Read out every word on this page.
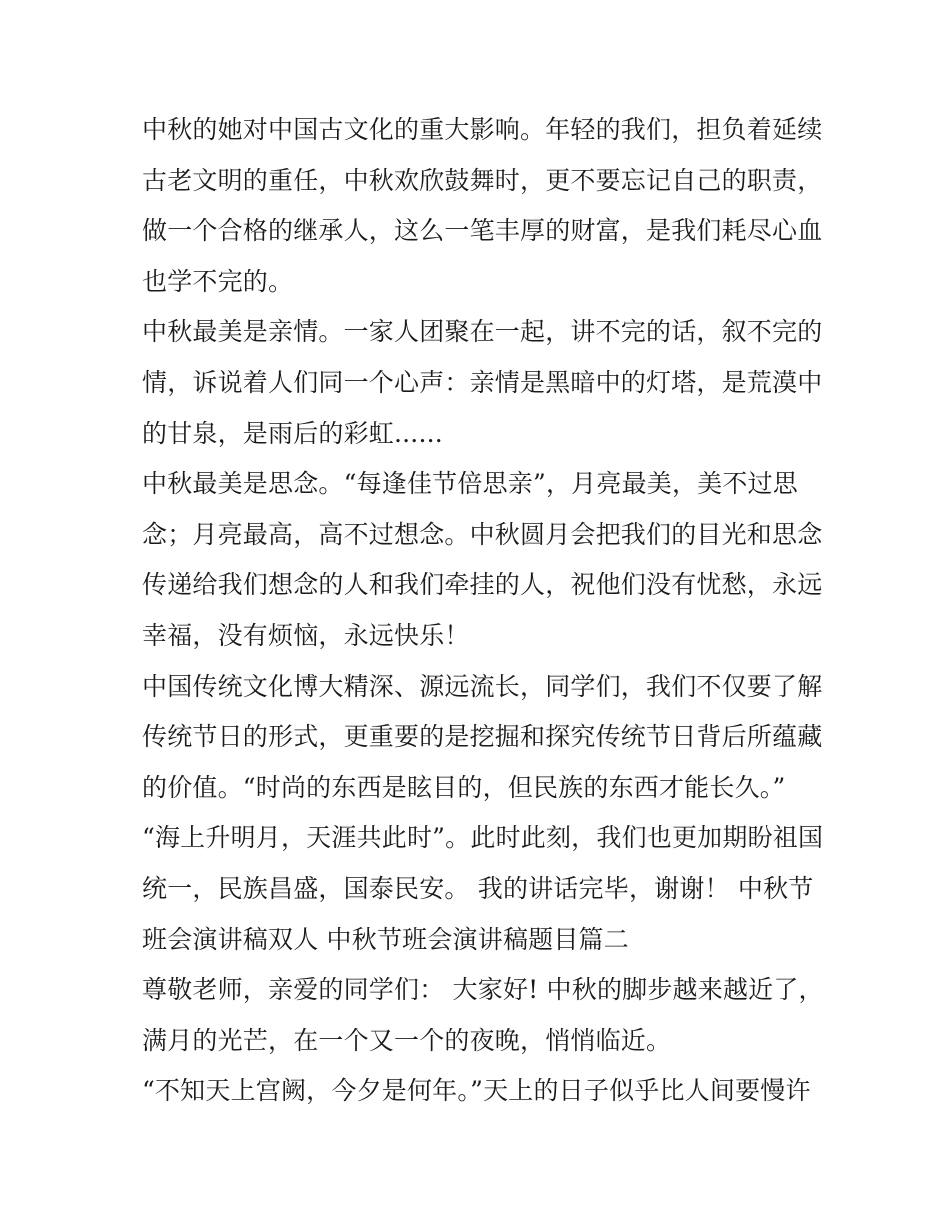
中秋的她对中国古文化的重大影响。年轻的我们，担负着延续
古老文明的重任，中秋欢欣鼓舞时，更不要忘记自己的职责，
做一个合格的继承人，这么一笔丰厚的财富，是我们耗尽心血
也学不完的。
中秋最美是亲情。一家人团聚在一起，讲不完的话，叙不完的
情，诉说着人们同一个心声：亲情是黑暗中的灯塔，是荒漠中
的甘泉，是雨后的彩虹......
中秋最美是思念。“每逢佳节倍思亲”，月亮最美，美不过思
念；月亮最高，高不过想念。中秋圆月会把我们的目光和思念
传递给我们想念的人和我们牵挂的人，祝他们没有忧愁，永远
幸福，没有烦恼，永远快乐！
中国传统文化博大精深、源远流长，同学们，我们不仅要了解
传统节日的形式，更重要的是挖掘和探究传统节日背后所蕴藏
的价值。“时尚的东西是眩目的，但民族的东西才能长久。”
“海上升明月，天涯共此时”。此时此刻，我们也更加期盼祖国
统一，民族昌盛，国泰民安。 我的讲话完毕，谢谢！ 中秋节
班会演讲稿双人 中秋节班会演讲稿题目篇二
尊敬老师，亲爱的同学们： 大家好! 中秋的脚步越来越近了，
满月的光芒，在一个又一个的夜晚，悄悄临近。
“不知天上宫阙，今夕是何年。”天上的日子似乎比人间要慢许
